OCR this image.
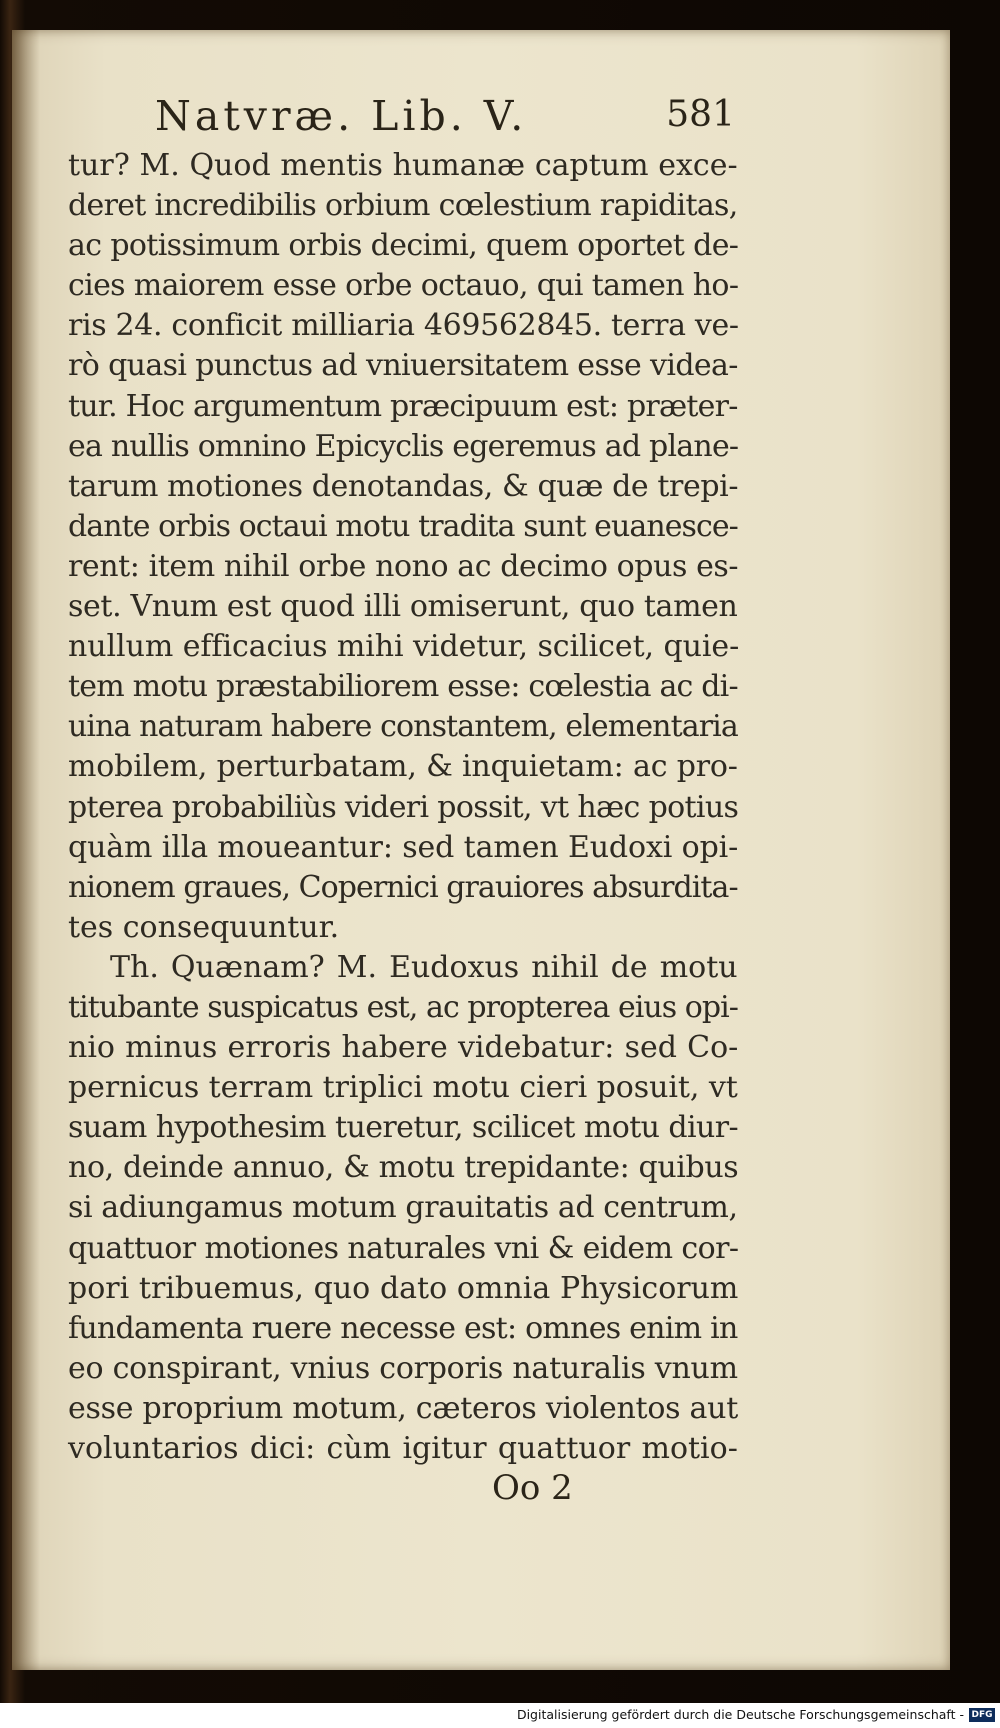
Natvræ. Lib. V.	581
tur? M. Quod mentis humanæ captum exce-
deret incredibilis orbium cœlestium rapiditas,
ac potissimum orbis decimi, quem oportet de-
cies maiorem esse orbe octauo, qui tamen ho-
ris 24. conficit milliaria 469562845. terra ve-
rò quasi punctus ad vniuersitatem esse videa-
tur. Hoc argumentum præcipuum est: præter-
ea nullis omnino Epicyclis egeremus ad plane-
tarum motiones denotandas, & quæ de trepi-
dante orbis octaui motu tradita sunt euanesce-
rent: item nihil orbe nono ac decimo opus es-
set. Vnum est quod illi omiserunt, quo tamen
nullum efficacius mihi videtur, scilicet, quie-
tem motu præstabiliorem esse: cœlestia ac di-
uina naturam habere constantem, elementaria
mobilem, perturbatam, & inquietam: ac pro-
pterea probabiliùs videri possit, vt hæc potius
quàm illa moueantur: sed tamen Eudoxi opi-
nionem graues, Copernici grauiores absurdita-
tes consequuntur.
Th. Quænam? M. Eudoxus nihil de motu
titubante suspicatus est, ac propterea eius opi-
nio minus erroris habere videbatur: sed Co-
pernicus terram triplici motu cieri posuit, vt
suam hypothesim tueretur, scilicet motu diur-
no, deinde annuo, & motu trepidante: quibus
si adiungamus motum grauitatis ad centrum,
quattuor motiones naturales vni & eidem cor-
pori tribuemus, quo dato omnia Physicorum
fundamenta ruere necesse est: omnes enim in
eo conspirant, vnius corporis naturalis vnum
esse proprium motum, cæteros violentos aut
voluntarios dici: cùm igitur quattuor motio-
Oo 2
Digitalisierung gefördert durch die Deutsche Forschungsgemeinschaft - DFG
